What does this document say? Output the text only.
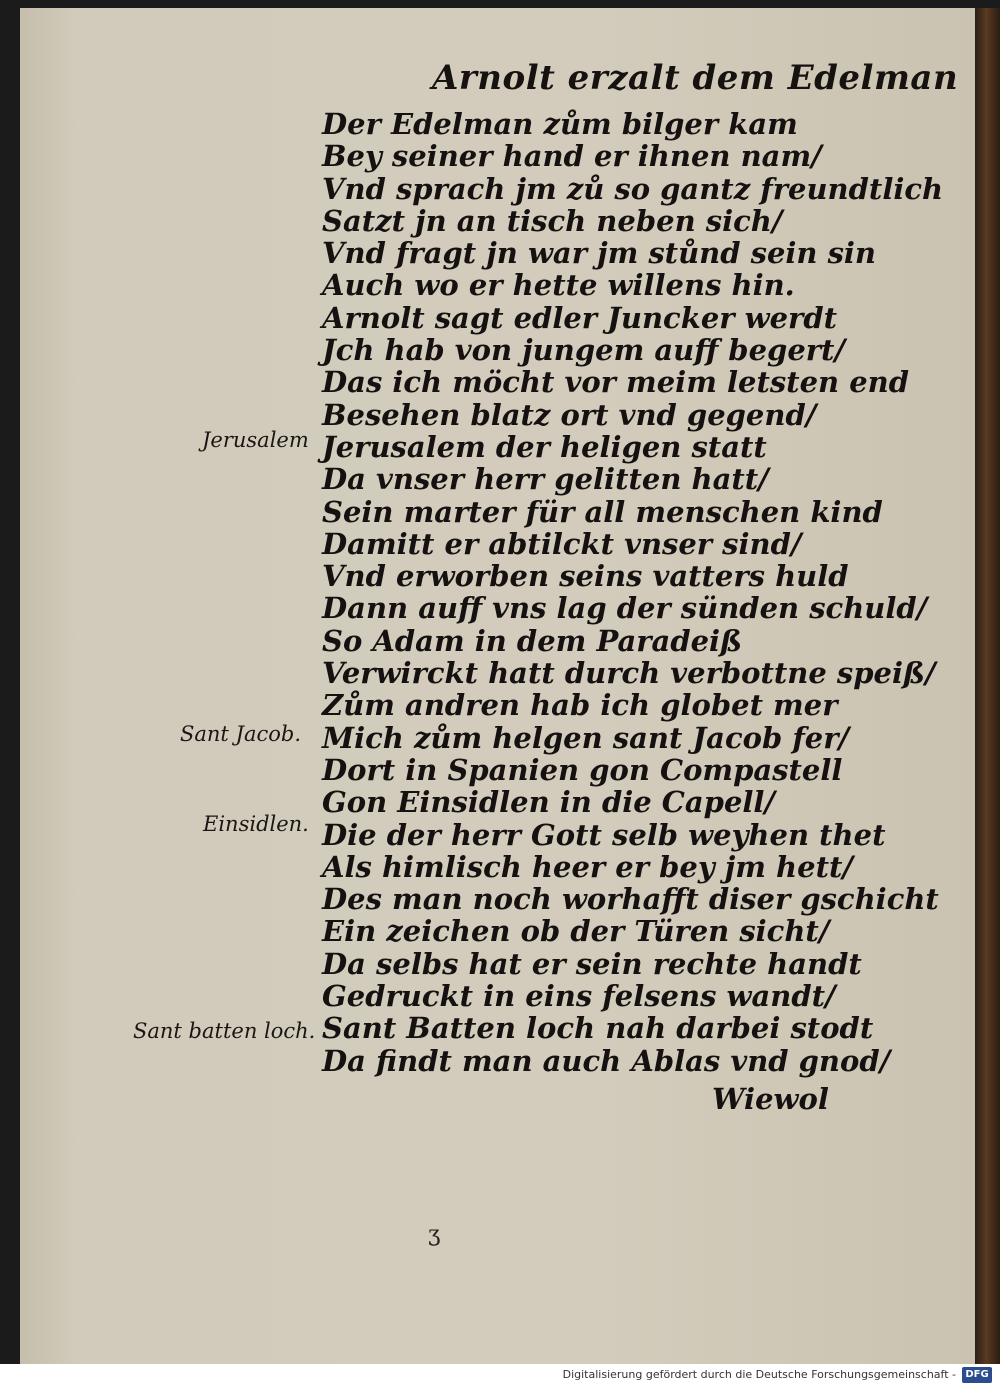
Arnolt erzalt dem Edelman
Der Edelman zům bilger kam
Bey seiner hand er ihnen nam/
Vnd sprach jm zů so gantz freundtlich
Satzt jn an tisch neben sich/
Vnd fragt jn war jm stůnd sein sin
Auch wo er hette willens hin.
Arnolt sagt edler Juncker werdt
Jch hab von jungem auff begert/
Das ich möcht vor meim letsten end
Besehen blatz ort vnd gegend/
Jerusalem der heligen statt
Da vnser herr gelitten hatt/
Sein marter für all menschen kind
Damitt er abtilckt vnser sind/
Vnd erworben seins vatters huld
Dann auff vns lag der sünden schuld/
So Adam in dem Paradeiß
Verwirckt hatt durch verbottne speiß/
Zům andren hab ich globet mer
Mich zům helgen sant Jacob fer/
Dort in Spanien gon Compastell
Gon Einsidlen in die Capell/
Die der herr Gott selb weyhen thet
Als himlisch heer er bey jm hett/
Des man noch worhafft diser gschicht
Ein zeichen ob der Türen sicht/
Da selbs hat er sein rechte handt
Gedruckt in eins felsens wandt/
Sant Batten loch nah darbei stodt
Da findt man auch Ablas vnd gnod/
Jerusalem
Sant Jacob.
Einsidlen.
Sant batten loch.
Wiewol
ʒ
Digitalisierung gefördert durch die Deutsche Forschungsgemeinschaft - DFG
